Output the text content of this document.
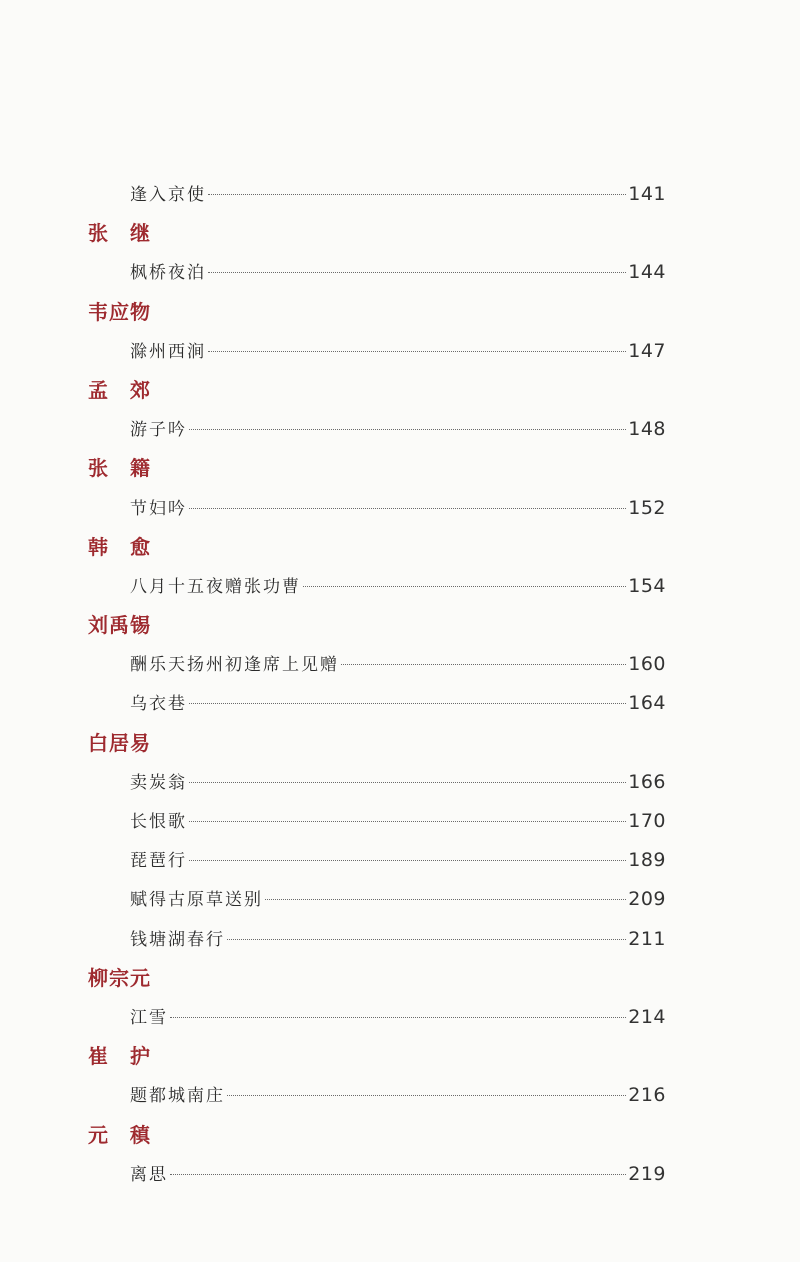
逢入京使	141
张　继
枫桥夜泊	144
韦应物
滁州西涧	147
孟　郊
游子吟	148
张　籍
节妇吟	152
韩　愈
八月十五夜赠张功曹	154
刘禹锡
酬乐天扬州初逢席上见赠	160
乌衣巷	164
白居易
卖炭翁	166
长恨歌	170
琵琶行	189
赋得古原草送别	209
钱塘湖春行	211
柳宗元
江雪	214
崔　护
题都城南庄	216
元　稹
离思	219
